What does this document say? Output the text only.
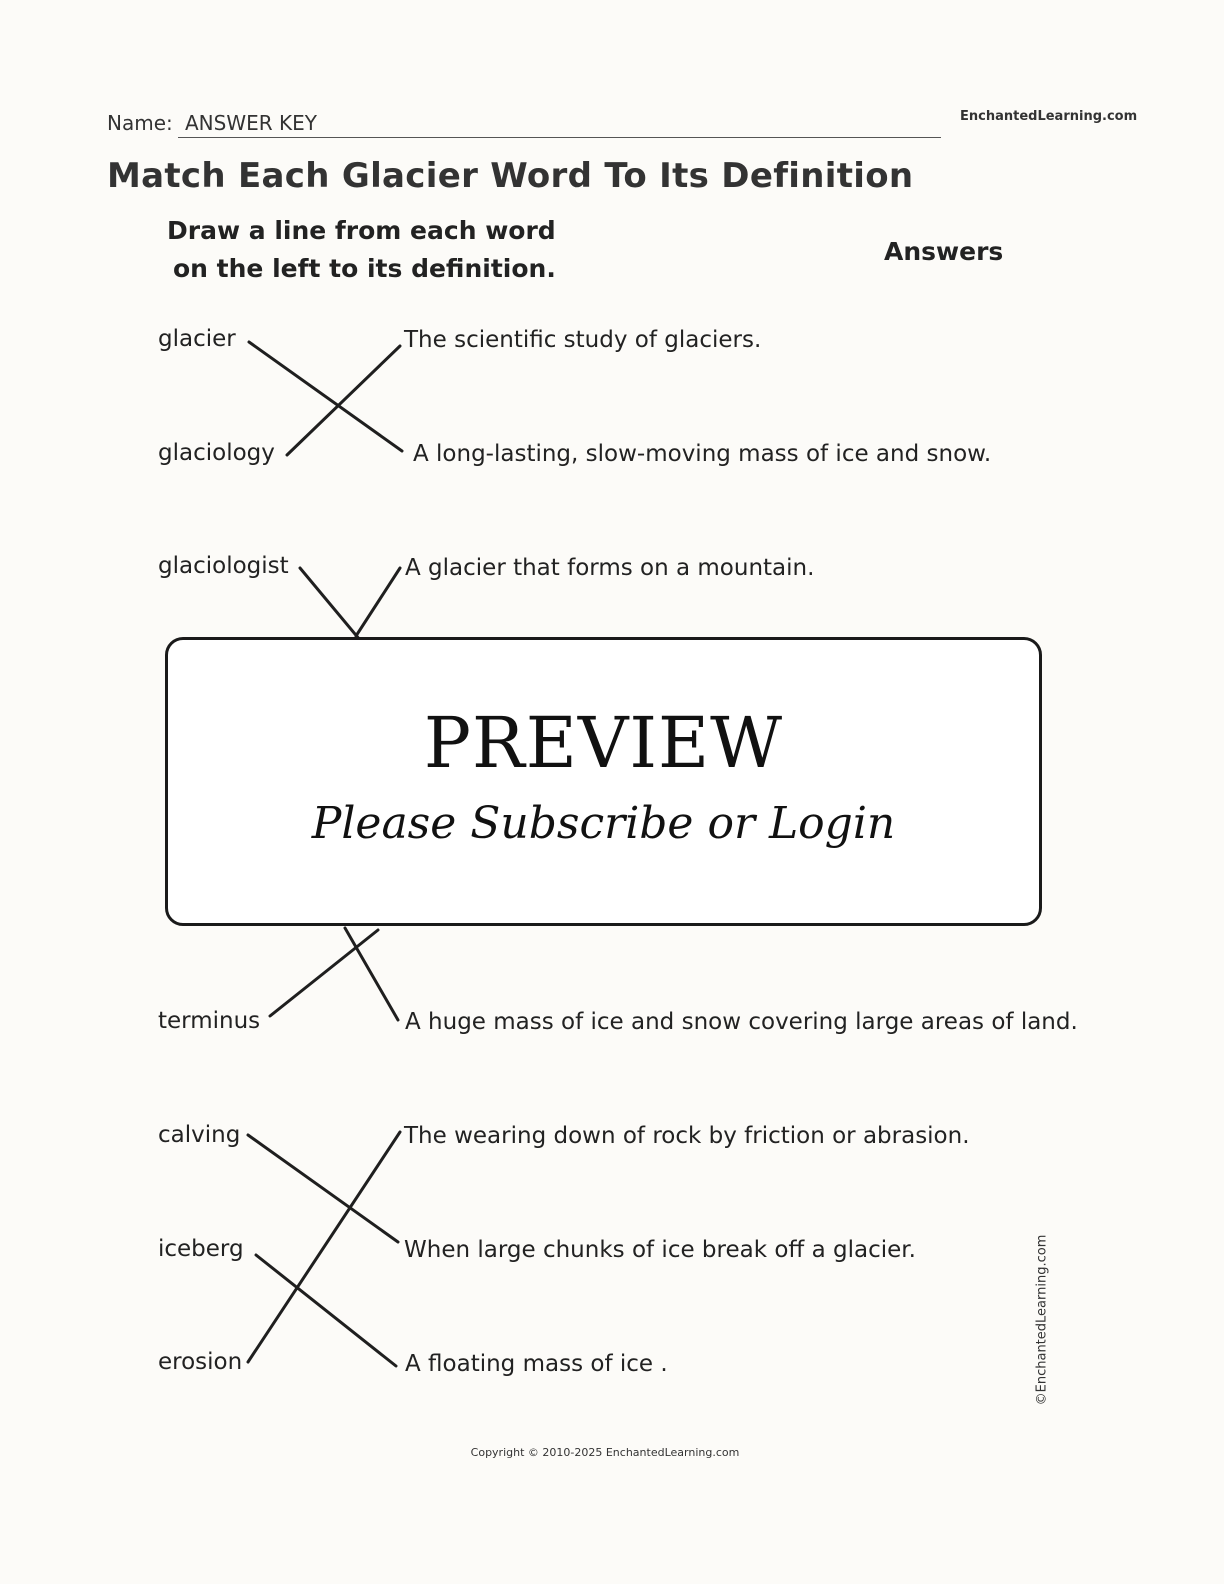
Name: ANSWER KEY	EnchantedLearning.com
Match Each Glacier Word To Its Definition
Draw a line from each word
on the left to its definition.
Answers
glacier
glaciology
glaciologist
terminus
calving
iceberg
erosion
The scientific study of glaciers.
A long-lasting, slow-moving mass of ice and snow.
A glacier that forms on a mountain.
A huge mass of ice and snow covering large areas of land.
The wearing down of rock by friction or abrasion.
When large chunks of ice break off a glacier.
A floating mass of ice .
PREVIEW
Please Subscribe or Login
©EnchantedLearning.com
Copyright © 2010-2025 EnchantedLearning.com
